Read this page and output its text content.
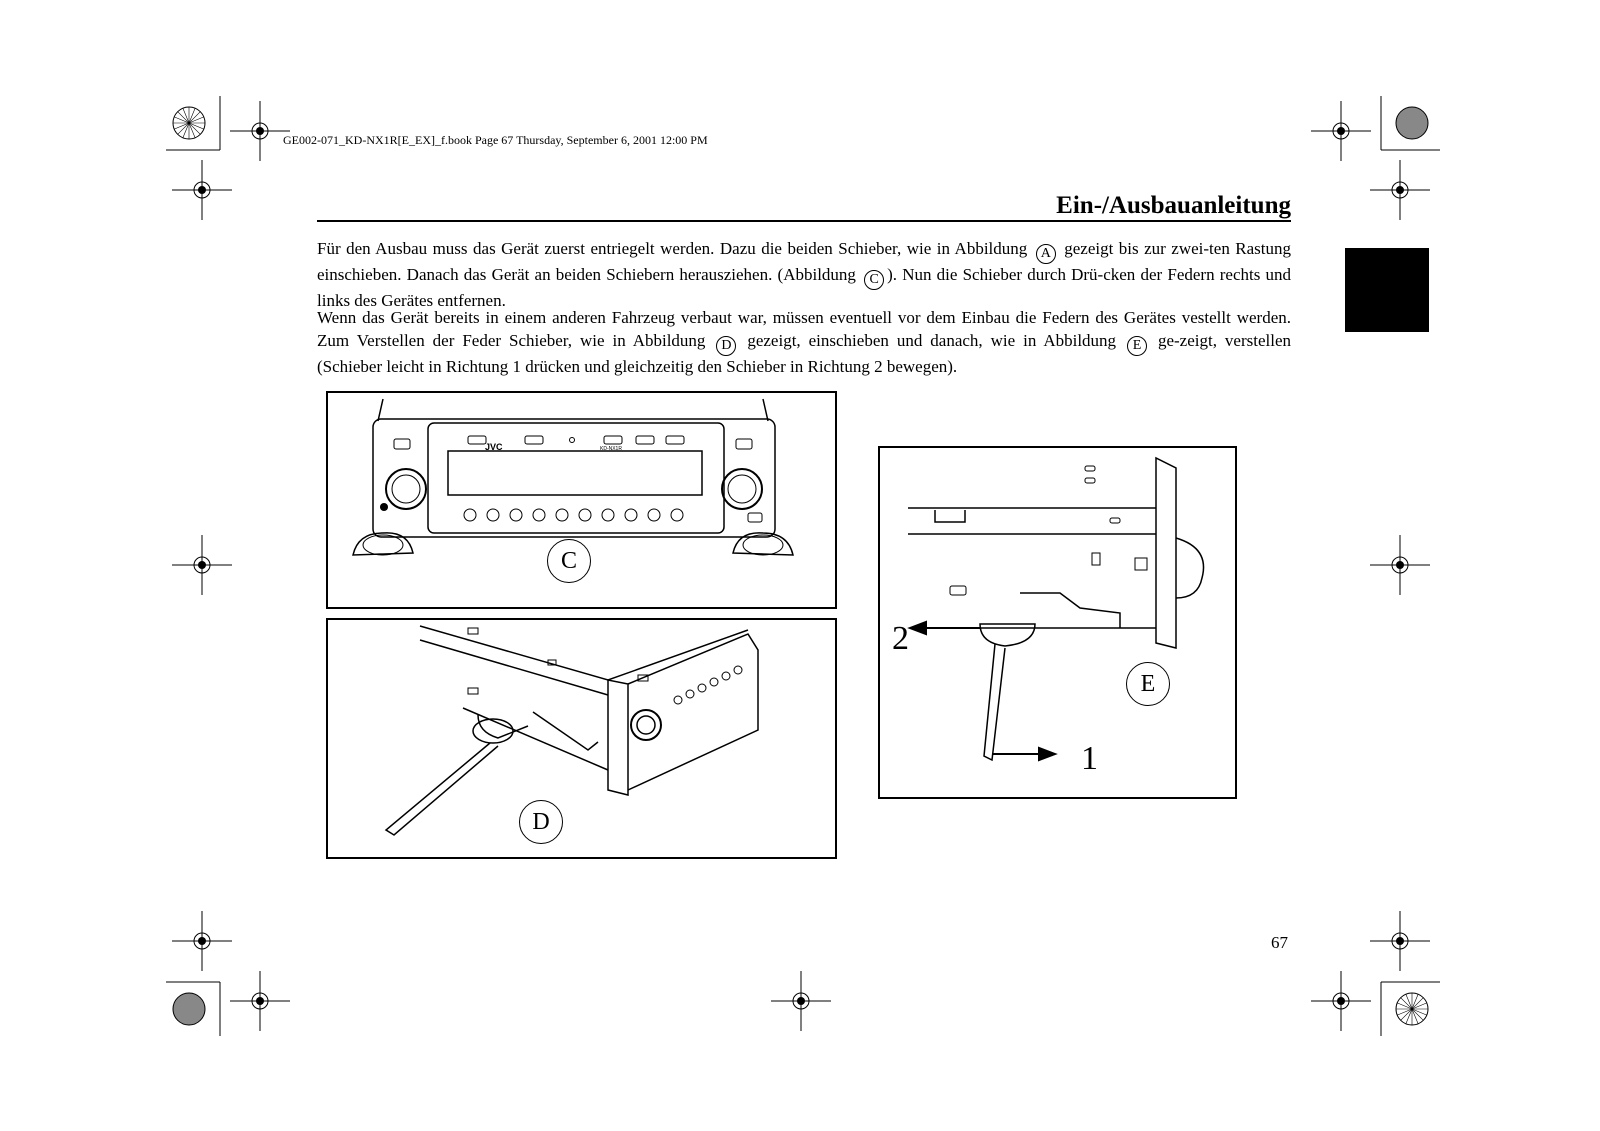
GE002-071_KD-NX1R[E_EX]_f.book Page 67 Thursday, September 6, 2001 12:00 PM
Ein-/Ausbauanleitung
Für den Ausbau muss das Gerät zuerst entriegelt werden. Dazu die beiden Schieber, wie in Abbildung A gezeigt bis zur zwei-ten Rastung einschieben. Danach das Gerät an beiden Schiebern herausziehen. (Abbildung C ). Nun die Schieber durch Drü-cken der Federn rechts und links des Gerätes entfernen.
Wenn das Gerät bereits in einem anderen Fahrzeug verbaut war, müssen eventuell vor dem Einbau die Federn des Gerätes vestellt werden. Zum Verstellen der Feder Schieber, wie in Abbildung D gezeigt, einschieben und danach, wie in Abbildung E ge-zeigt, verstellen (Schieber leicht in Richtung 1 drücken und gleichzeitig den Schieber in Richtung 2 bewegen).
JVC	KD-NX1R
C
D
2
1
E
67
